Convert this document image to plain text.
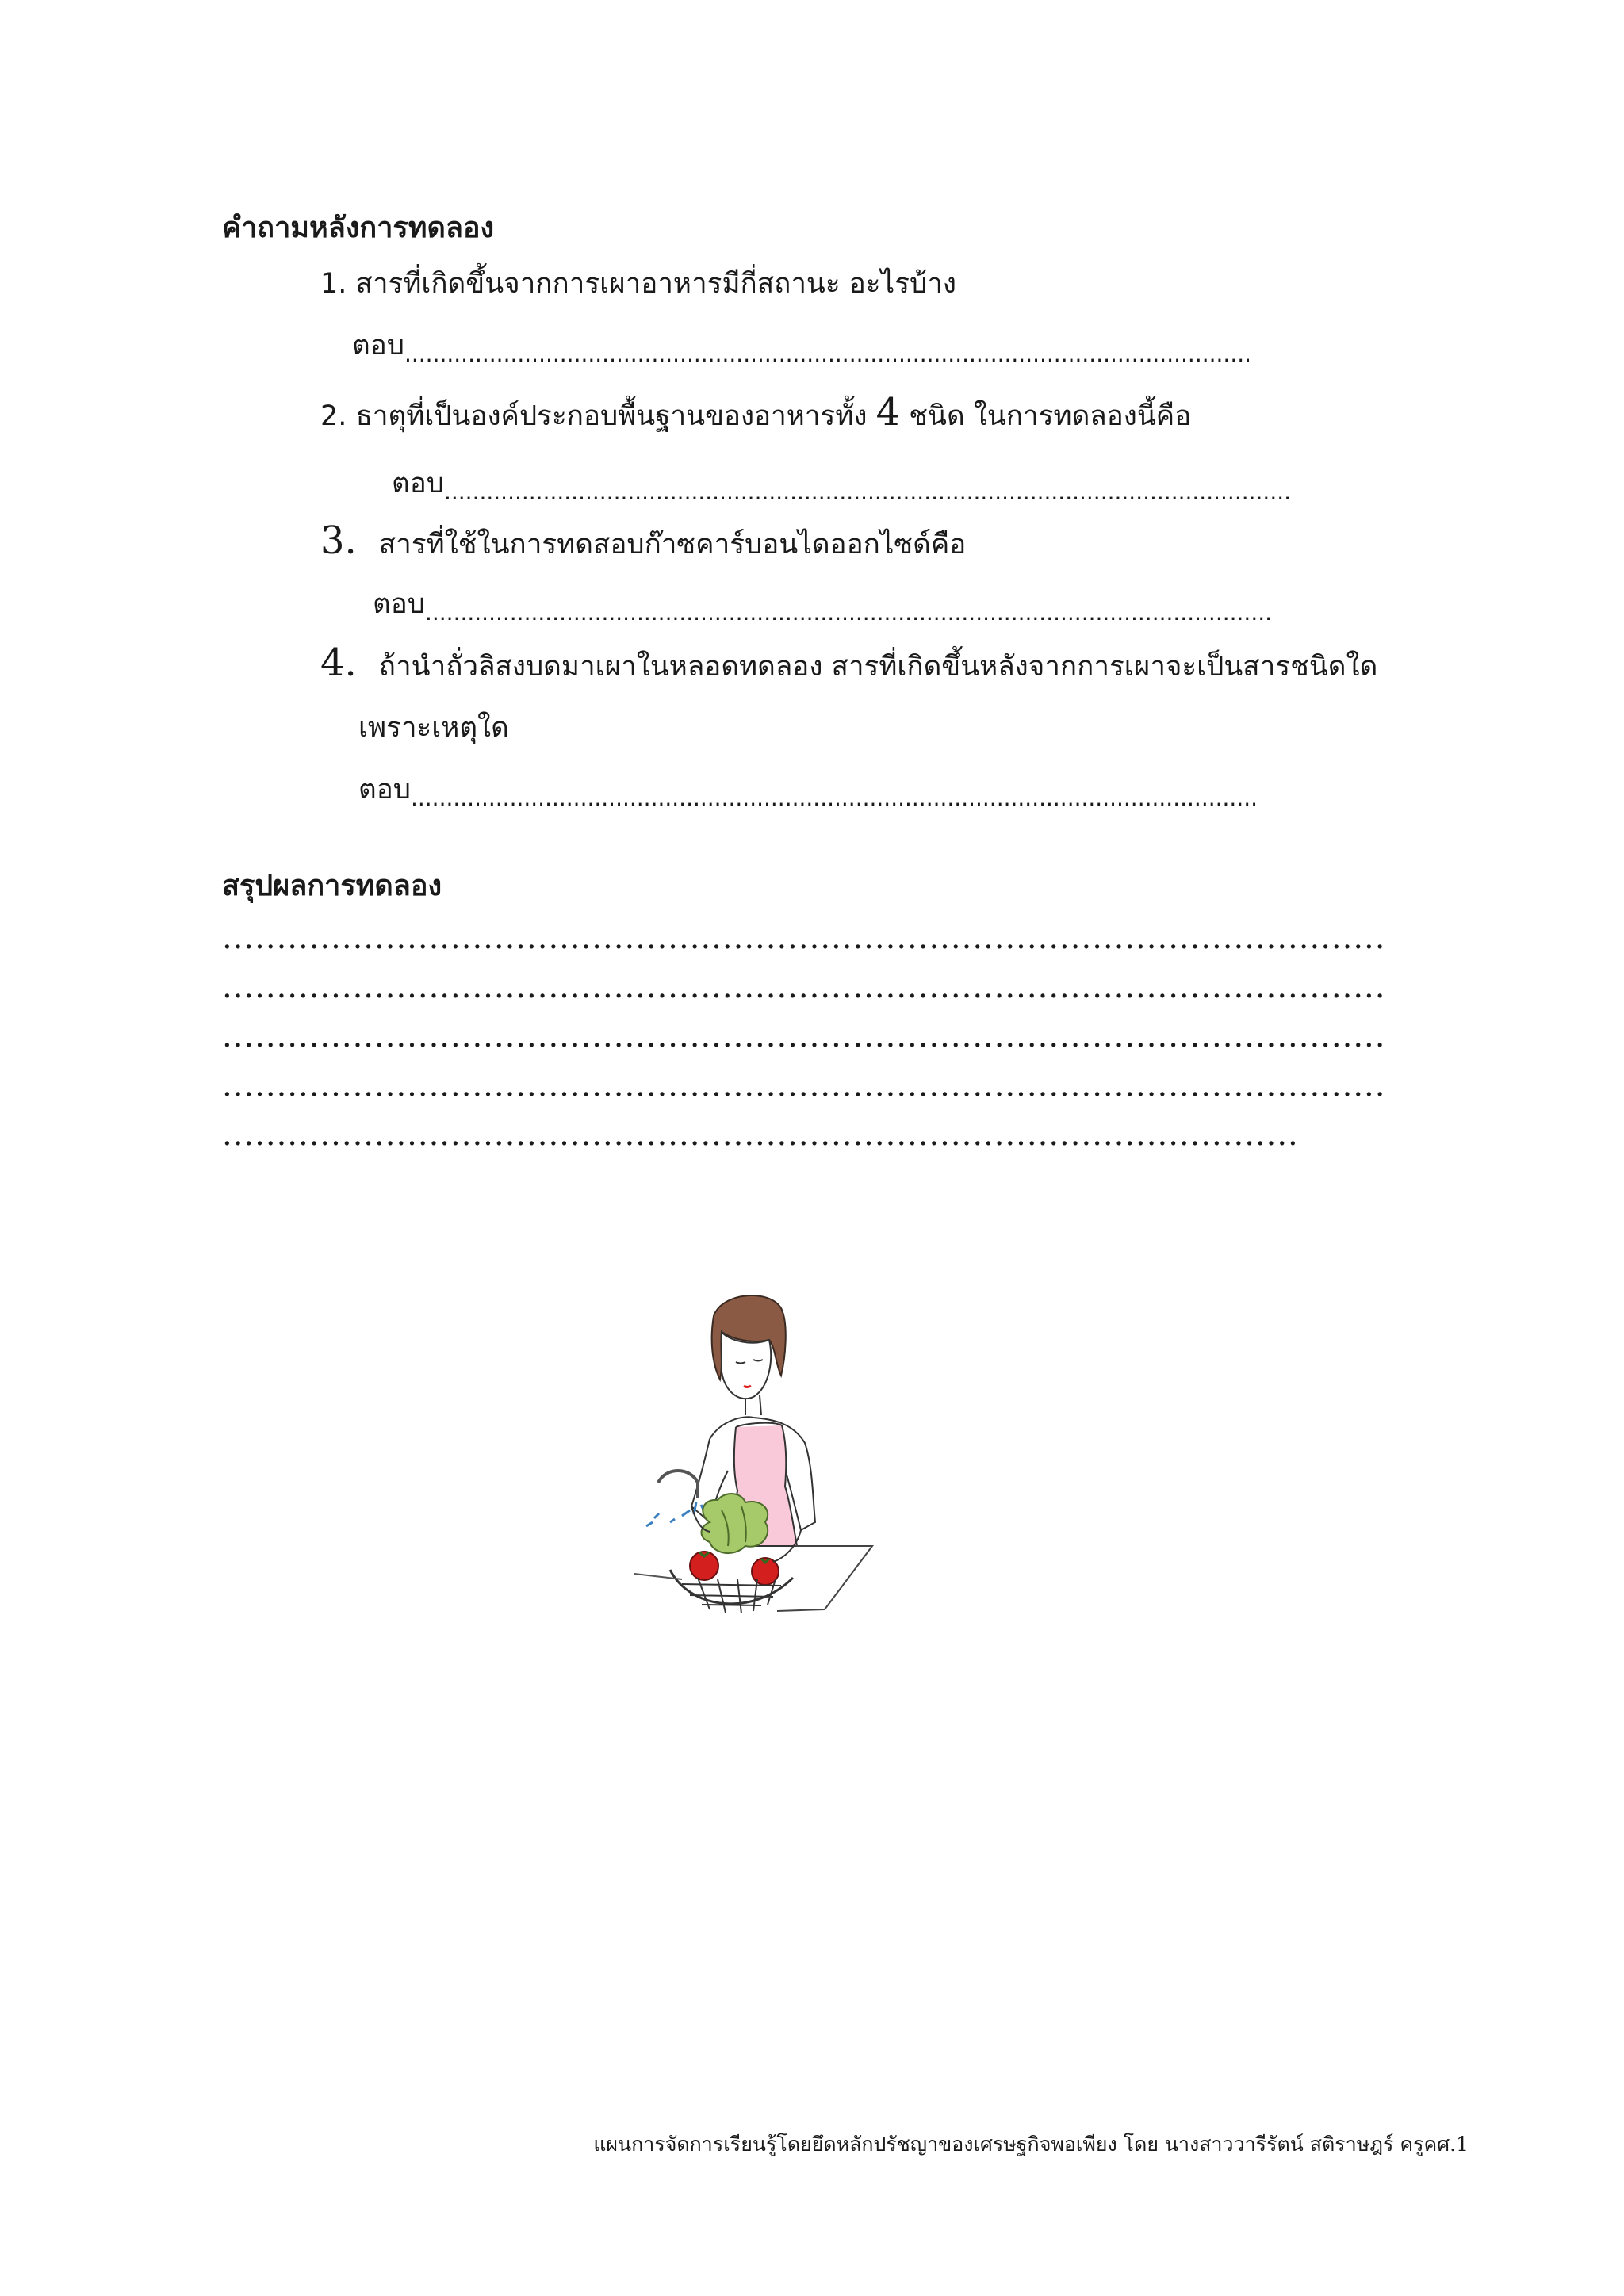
คำถามหลังการทดลอง
1. สารที่เกิดขึ้นจากการเผาอาหารมีกี่สถานะ อะไรบ้าง
ตอบ........................................................................................................................
2. ธาตุที่เป็นองค์ประกอบพื้นฐานของอาหารทั้ง 4 ชนิด ในการทดลองนี้คือ
ตอบ........................................................................................................................
3. สารที่ใช้ในการทดสอบก๊าซคาร์บอนไดออกไซด์คือ
ตอบ........................................................................................................................
4. ถ้านำถั่วลิสงบดมาเผาในหลอดทดลอง สารที่เกิดขึ้นหลังจากการเผาจะเป็นสารชนิดใด
เพราะเหตุใด
ตอบ........................................................................................................................
สรุปผลการทดลอง
...........................................................................................................
...........................................................................................................
...........................................................................................................
...........................................................................................................
...................................................................................................
แผนการจัดการเรียนรู้โดยยึดหลักปรัชญาของเศรษฐกิจพอเพียง โดย นางสาววารีรัตน์ สติราษฎร์ ครูคศ.1
